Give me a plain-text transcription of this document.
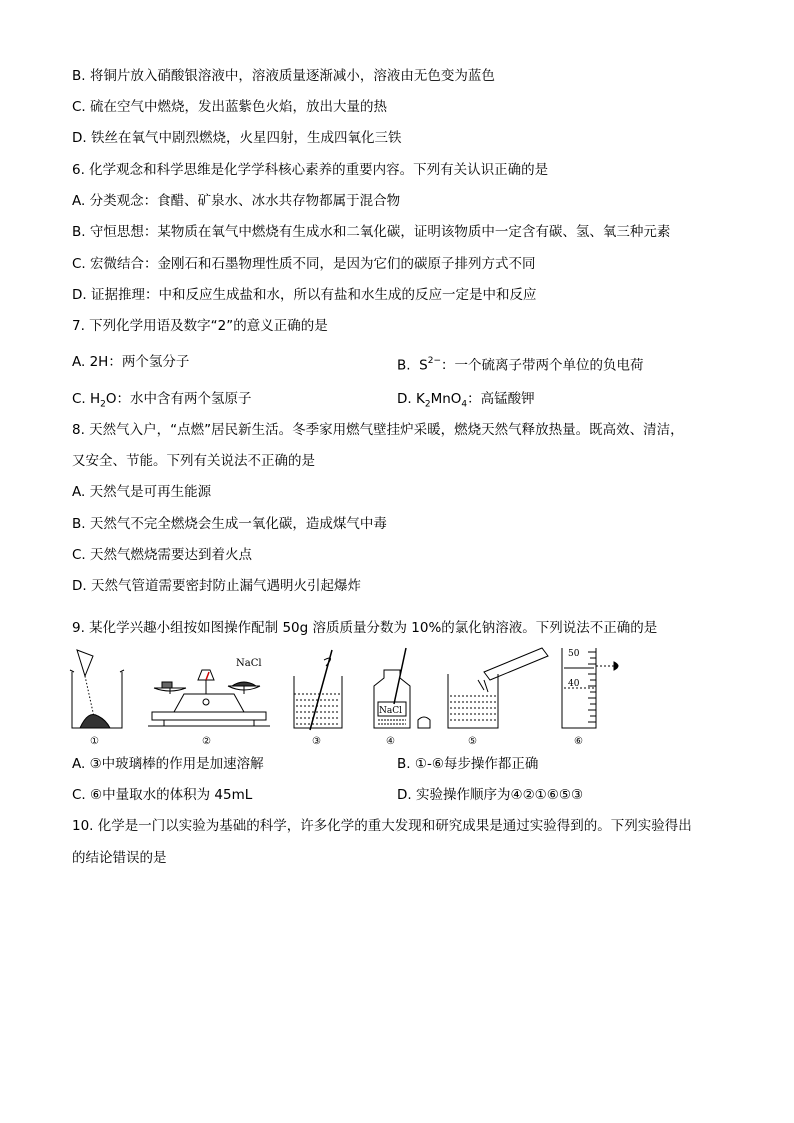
B. 将铜片放入硝酸银溶液中，溶液质量逐渐减小，溶液由无色变为蓝色
C. 硫在空气中燃烧，发出蓝紫色火焰，放出大量的热
D. 铁丝在氧气中剧烈燃烧，火星四射，生成四氧化三铁
6. 化学观念和科学思维是化学学科核心素养的重要内容。下列有关认识正确的是
A. 分类观念：食醋、矿泉水、冰水共存物都属于混合物
B. 守恒思想：某物质在氧气中燃烧有生成水和二氧化碳，证明该物质中一定含有碳、氢、氧三种元素
C. 宏微结合：金刚石和石墨物理性质不同，是因为它们的碳原子排列方式不同
D. 证据推理：中和反应生成盐和水，所以有盐和水生成的反应一定是中和反应
7. 下列化学用语及数字“2”的意义正确的是
A. 2H：两个氢分子	B. $S^{2-}$：一个硫离子带两个单位的负电荷
C. $H_2O$：水中含有两个氢原子	D. $K_2MnO_4$：高锰酸钾
8. 天然气入户，“点燃”居民新生活。冬季家用燃气壁挂炉采暖，燃烧天然气释放热量。既高效、清洁，
又安全、节能。下列有关说法不正确的是
A. 天然气是可再生能源
B. 天然气不完全燃烧会生成一氧化碳，造成煤气中毒
C. 天然气燃烧需要达到着火点
D. 天然气管道需要密封防止漏气遇明火引起爆炸
9. 某化学兴趣小组按如图操作配制 50g 溶质质量分数为 10%的氯化钠溶液。下列说法不正确的是
NaCl
NaCl
50
40
①	②	③	④	⑤	⑥
A. ③中玻璃棒的作用是加速溶解	B. ①-⑥每步操作都正确
C. ⑥中量取水的体积为 45mL	D. 实验操作顺序为④②①⑥⑤③
10. 化学是一门以实验为基础的科学，许多化学的重大发现和研究成果是通过实验得到的。下列实验得出
的结论错误的是
